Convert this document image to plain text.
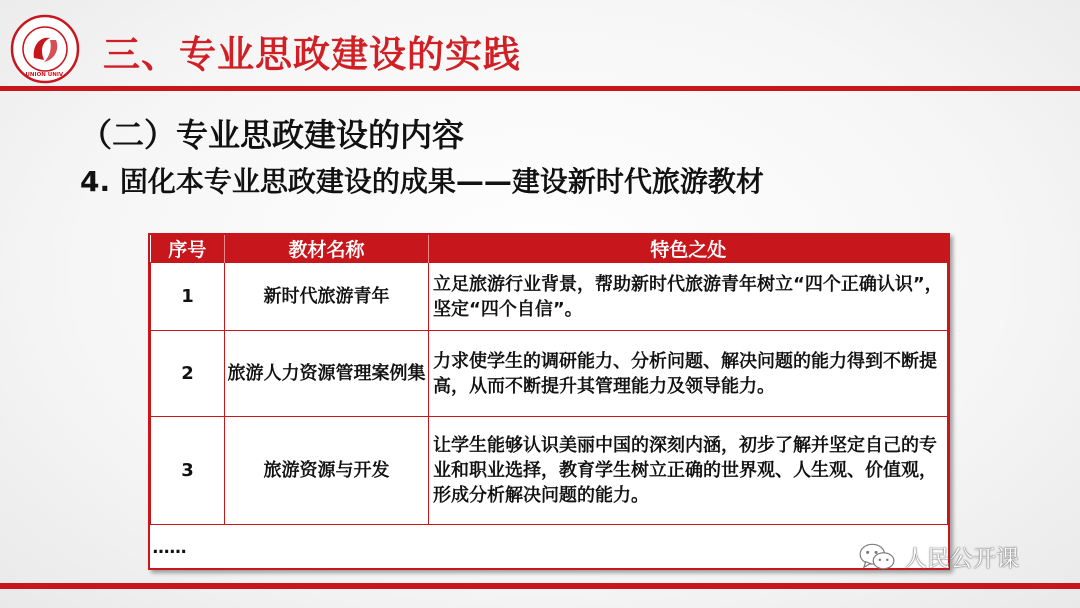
UNION UNIV. 三、专业思政建设的实践
（二）专业思政建设的内容
4. 固化本专业思政建设的成果——建设新时代旅游教材
序号	教材名称	特色之处
1	新时代旅游青年	立足旅游行业背景，帮助新时代旅游青年树立“四个正确认识”，坚定“四个自信”。
2	旅游人力资源管理案例集	力求使学生的调研能力、分析问题、解决问题的能力得到不断提高，从而不断提升其管理能力及领导能力。
3	旅游资源与开发	让学生能够认识美丽中国的深刻内涵，初步了解并坚定自己的专业和职业选择，教育学生树立正确的世界观、人生观、价值观，形成分析解决问题的能力。
……			人民公开课
